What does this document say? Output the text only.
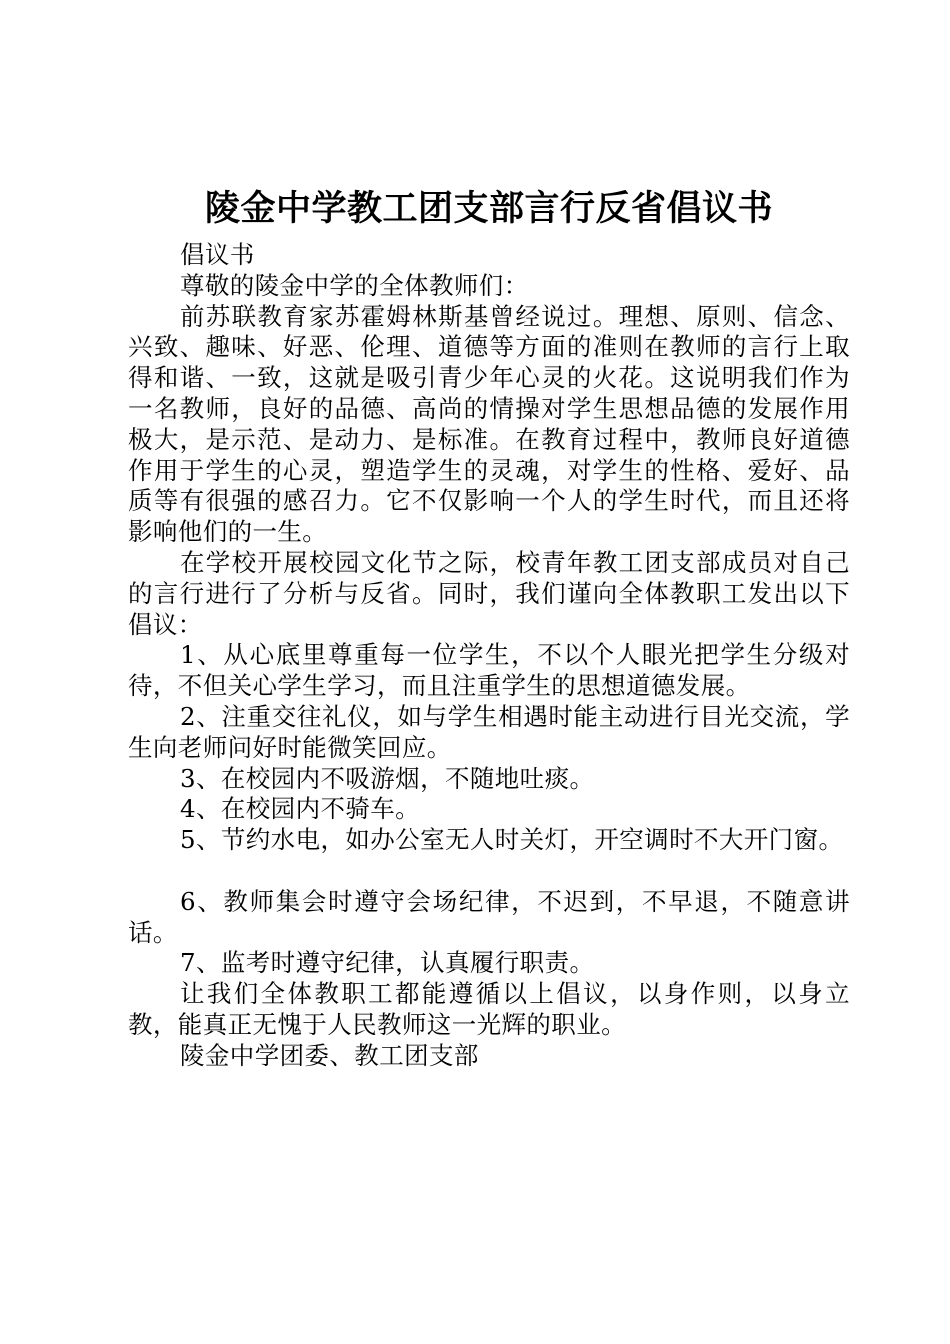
陵金中学教工团支部言行反省倡议书

倡议书

尊敬的陵金中学的全体教师们：

前苏联教育家苏霍姆林斯基曾经说过。理想、原则、信念、兴致、趣味、好恶、伦理、道德等方面的准则在教师的言行上取得和谐、一致，这就是吸引青少年心灵的火花。这说明我们作为一名教师，良好的品德、高尚的情操对学生思想品德的发展作用极大，是示范、是动力、是标准。在教育过程中，教师良好道德作用于学生的心灵，塑造学生的灵魂，对学生的性格、爱好、品质等有很强的感召力。它不仅影响一个人的学生时代，而且还将影响他们的一生。

在学校开展校园文化节之际，校青年教工团支部成员对自己的言行进行了分析与反省。同时，我们谨向全体教职工发出以下倡议：

1、从心底里尊重每一位学生，不以个人眼光把学生分级对待，不但关心学生学习，而且注重学生的思想道德发展。

2、注重交往礼仪，如与学生相遇时能主动进行目光交流，学生向老师问好时能微笑回应。

3、在校园内不吸游烟，不随地吐痰。

4、在校园内不骑车。

5、节约水电，如办公室无人时关灯，开空调时不大开门窗。

6、教师集会时遵守会场纪律，不迟到，不早退，不随意讲话。

7、监考时遵守纪律，认真履行职责。

让我们全体教职工都能遵循以上倡议，以身作则，以身立教，能真正无愧于人民教师这一光辉的职业。

陵金中学团委、教工团支部
